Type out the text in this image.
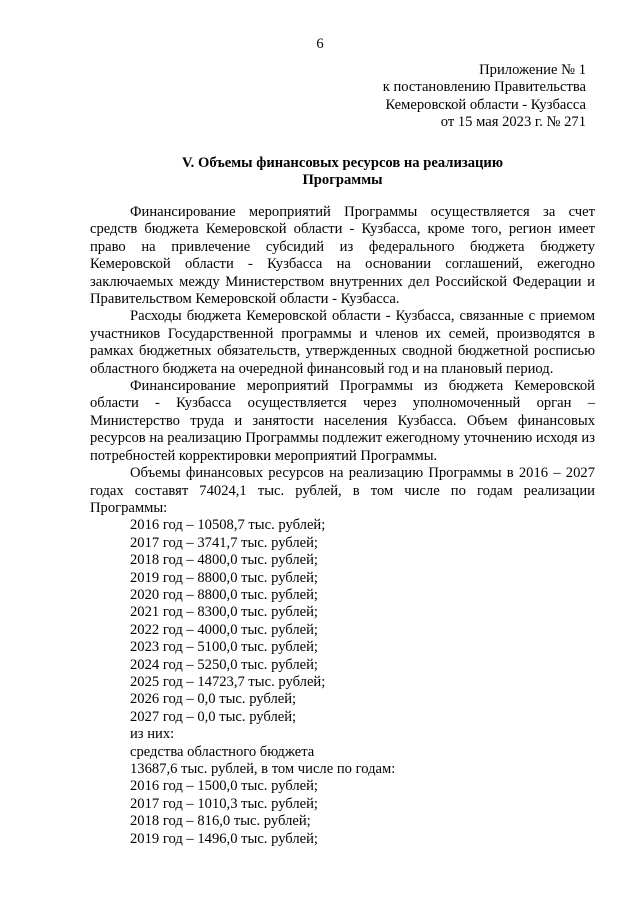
6
Приложение № 1
к постановлению Правительства
Кемеровской области - Кузбасса
от 15 мая 2023 г. № 271
V. Объемы финансовых ресурсов на реализацию
Программы

Финансирование мероприятий Программы осуществляется за счет средств бюджета Кемеровской области - Кузбасса, кроме того, регион имеет право на привлечение субсидий из федерального бюджета бюджету Кемеровской области - Кузбасса на основании соглашений, ежегодно заключаемых между Министерством внутренних дел Российской Федерации и Правительством Кемеровской области - Кузбасса.

Расходы бюджета Кемеровской области - Кузбасса, связанные с приемом участников Государственной программы и членов их семей, производятся в рамках бюджетных обязательств, утвержденных сводной бюджетной росписью областного бюджета на очередной финансовый год и на плановый период.

Финансирование мероприятий Программы из бюджета Кемеровской области - Кузбасса осуществляется через уполномоченный орган – Министерство труда и занятости населения Кузбасса. Объем финансовых ресурсов на реализацию Программы подлежит ежегодному уточнению исходя из потребностей корректировки мероприятий Программы.

Объемы финансовых ресурсов на реализацию Программы в 2016 – 2027 годах составят 74024,1 тыс. рублей, в том числе по годам реализации Программы:

2016 год – 10508,7 тыс. рублей;
2017 год – 3741,7 тыс. рублей;
2018 год – 4800,0 тыс. рублей;
2019 год – 8800,0 тыс. рублей;
2020 год – 8800,0 тыс. рублей;
2021 год – 8300,0 тыс. рублей;
2022 год – 4000,0 тыс. рублей;
2023 год – 5100,0 тыс. рублей;
2024 год – 5250,0 тыс. рублей;
2025 год – 14723,7 тыс. рублей;
2026 год – 0,0 тыс. рублей;
2027 год – 0,0 тыс. рублей;
из них:
средства областного бюджета
13687,6 тыс. рублей, в том числе по годам:
2016 год – 1500,0 тыс. рублей;
2017 год – 1010,3 тыс. рублей;
2018 год – 816,0 тыс. рублей;
2019 год – 1496,0 тыс. рублей;
